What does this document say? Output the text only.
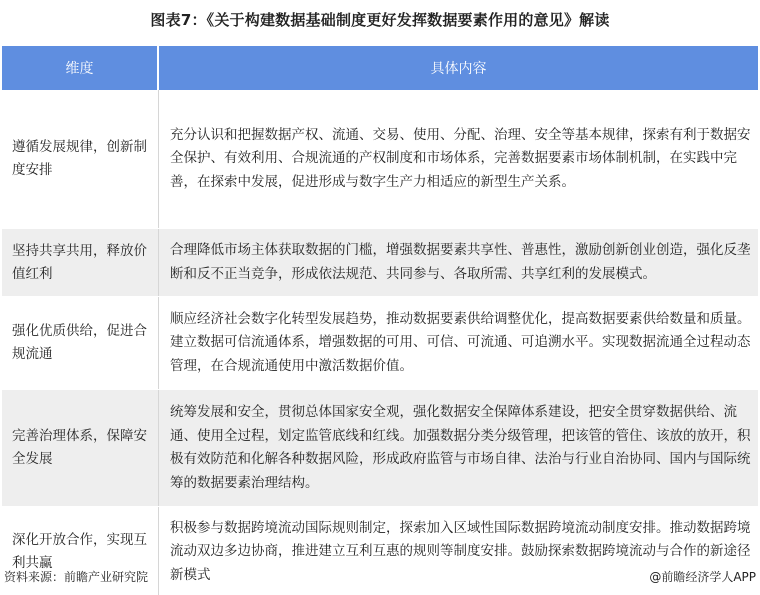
图表7：《关于构建数据基础制度更好发挥数据要素作用的意见》解读
维度	具体内容
遵循发展规律，创新制度安排
充分认识和把握数据产权、流通、交易、使用、分配、治理、安全等基本规律，探索有利于数据安全保护、有效利用、合规流通的产权制度和市场体系，完善数据要素市场体制机制，在实践中完善，在探索中发展，促进形成与数字生产力相适应的新型生产关系。
坚持共享共用，释放价值红利
合理降低市场主体获取数据的门槛，增强数据要素共享性、普惠性，激励创新创业创造，强化反垄断和反不正当竞争，形成依法规范、共同参与、各取所需、共享红利的发展模式。
强化优质供给，促进合规流通
顺应经济社会数字化转型发展趋势，推动数据要素供给调整优化，提高数据要素供给数量和质量。建立数据可信流通体系，增强数据的可用、可信、可流通、可追溯水平。实现数据流通全过程动态管理，在合规流通使用中激活数据价值。
完善治理体系，保障安全发展
统筹发展和安全，贯彻总体国家安全观，强化数据安全保障体系建设，把安全贯穿数据供给、流通、使用全过程，划定监管底线和红线。加强数据分类分级管理，把该管的管住、该放的放开，积极有效防范和化解各种数据风险，形成政府监管与市场自律、法治与行业自治协同、国内与国际统筹的数据要素治理结构。
深化开放合作，实现互利共赢
积极参与数据跨境流动国际规则制定，探索加入区域性国际数据跨境流动制度安排。推动数据跨境流动双边多边协商，推进建立互利互惠的规则等制度安排。鼓励探索数据跨境流动与合作的新途径新模式
资料来源：前瞻产业研究院	@前瞻经济学人APP
